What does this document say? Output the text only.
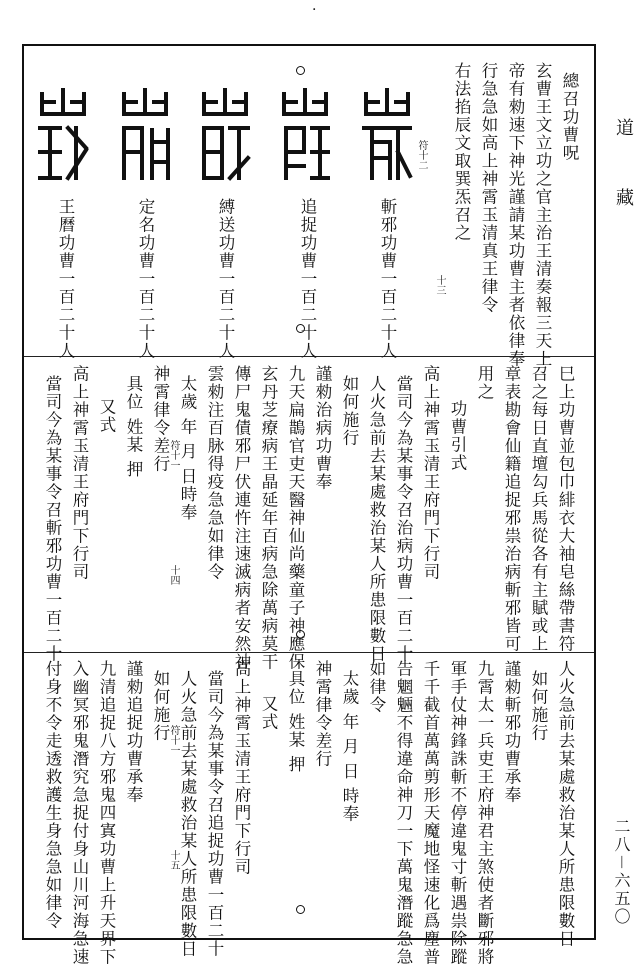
·
總召功曹呪
玄曹王文立功之官主治王清奏報三天上
帝有勑速下神光謹請某功曹主者依律奉
行急急如高上神霄玉清真王律令
右法掐辰文取巽炁召之
符十二
十三
斬邪功曹一百二十人
追捉功曹一百二十人
縛送功曹一百二十人
定名功曹一百二十人
王曆功曹一百二十人
巳上功曹並包巾緋衣大袖皂絲帶書符
召之每日直壇勾兵馬從各有主賦或上
章表勘會仙籍追捉邪祟治病斬邪皆可
用之
功曹引式
高上神霄玉清王府門下行司
當司今為某事令召治病功曹一百二十
人火急前去某處救治某人所患限數日
如何施行
謹勑治病功曹奉
九天扁鵲官吏天醫神仙尚藥童子神應保
玄丹芝療病王晶延年百病急除萬病莫干
傳尸鬼債邪尸伏連忤注速滅病者安然神
雲勑注百脉得疫急急如律令
太歲 年 月 日時奉
神霄律令差行
具位 姓某 押
又式
高上神霄玉清王府門下行司
當司今為某事令召斬邪功曹一百二十	符十一
十四
人火急前去某處救治某人所患限數日
如何施行
謹勑斬邪功曹承奉
九霄太一兵吏王府神君主煞使者斷邪將
軍手仗神鋒誅斬不停違鬼寸斬遇祟除蹤
千千截首萬萬剪形天魔地怪速化爲塵普
告魍魎不得違命神刀一下萬鬼潛蹤急急
如律令
太歲 年 月 日 時奉
神霄律令差行
具位 姓某 押
又式
高上神霄玉清王府門下行司
當司今為某事令召追捉功曹一百二十
人火急前去某處救治某人所患限數日
如何施行
謹勑追捉功曹承奉
九清追捉八方邪鬼四寘功曹上升天界下
入幽冥邪鬼潛究急捉付身山川河海急速
付身不令走透救護生身急急如律令	符十一
十五
道
藏
二八－六五〇
